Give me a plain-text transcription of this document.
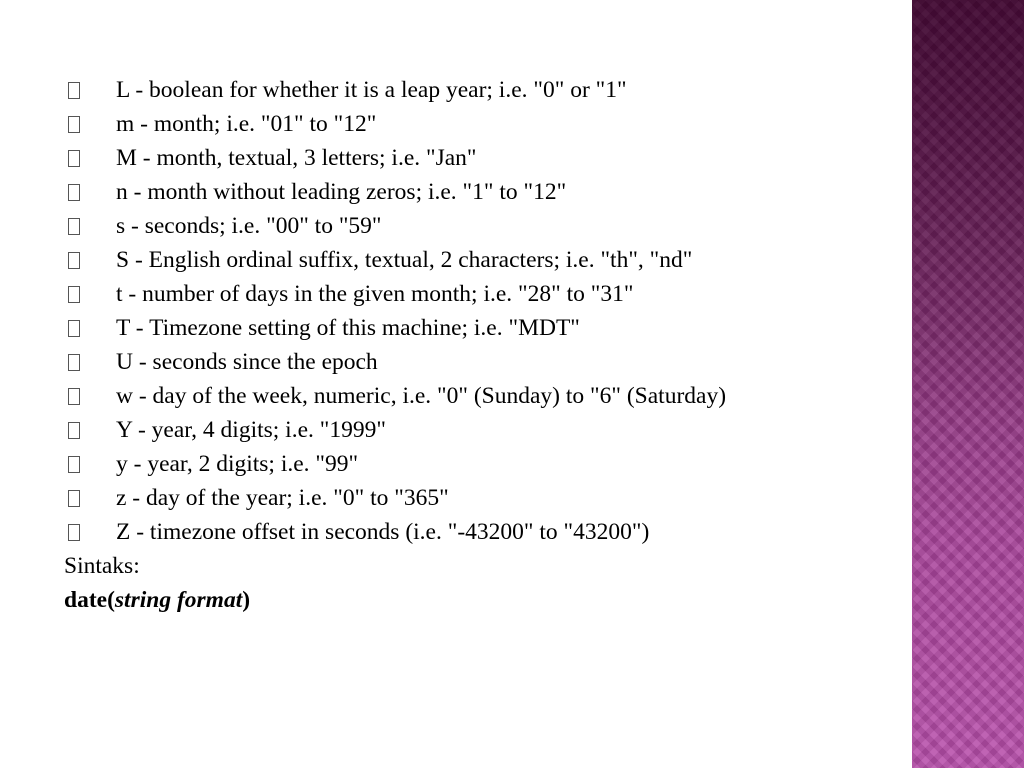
L - boolean for whether it is a leap year; i.e. "0" or "1"
m - month; i.e. "01" to "12"
M - month, textual, 3 letters; i.e. "Jan"
n - month without leading zeros; i.e. "1" to "12"
s - seconds; i.e. "00" to "59"
S - English ordinal suffix, textual, 2 characters; i.e. "th", "nd"
t - number of days in the given month; i.e. "28" to "31"
T - Timezone setting of this machine; i.e. "MDT"
U - seconds since the epoch
w - day of the week, numeric, i.e. "0" (Sunday) to "6" (Saturday)
Y - year, 4 digits; i.e. "1999"
y - year, 2 digits; i.e. "99"
z - day of the year; i.e. "0" to "365"
Z - timezone offset in seconds (i.e. "-43200" to "43200")
Sintaks:
date(string format)
